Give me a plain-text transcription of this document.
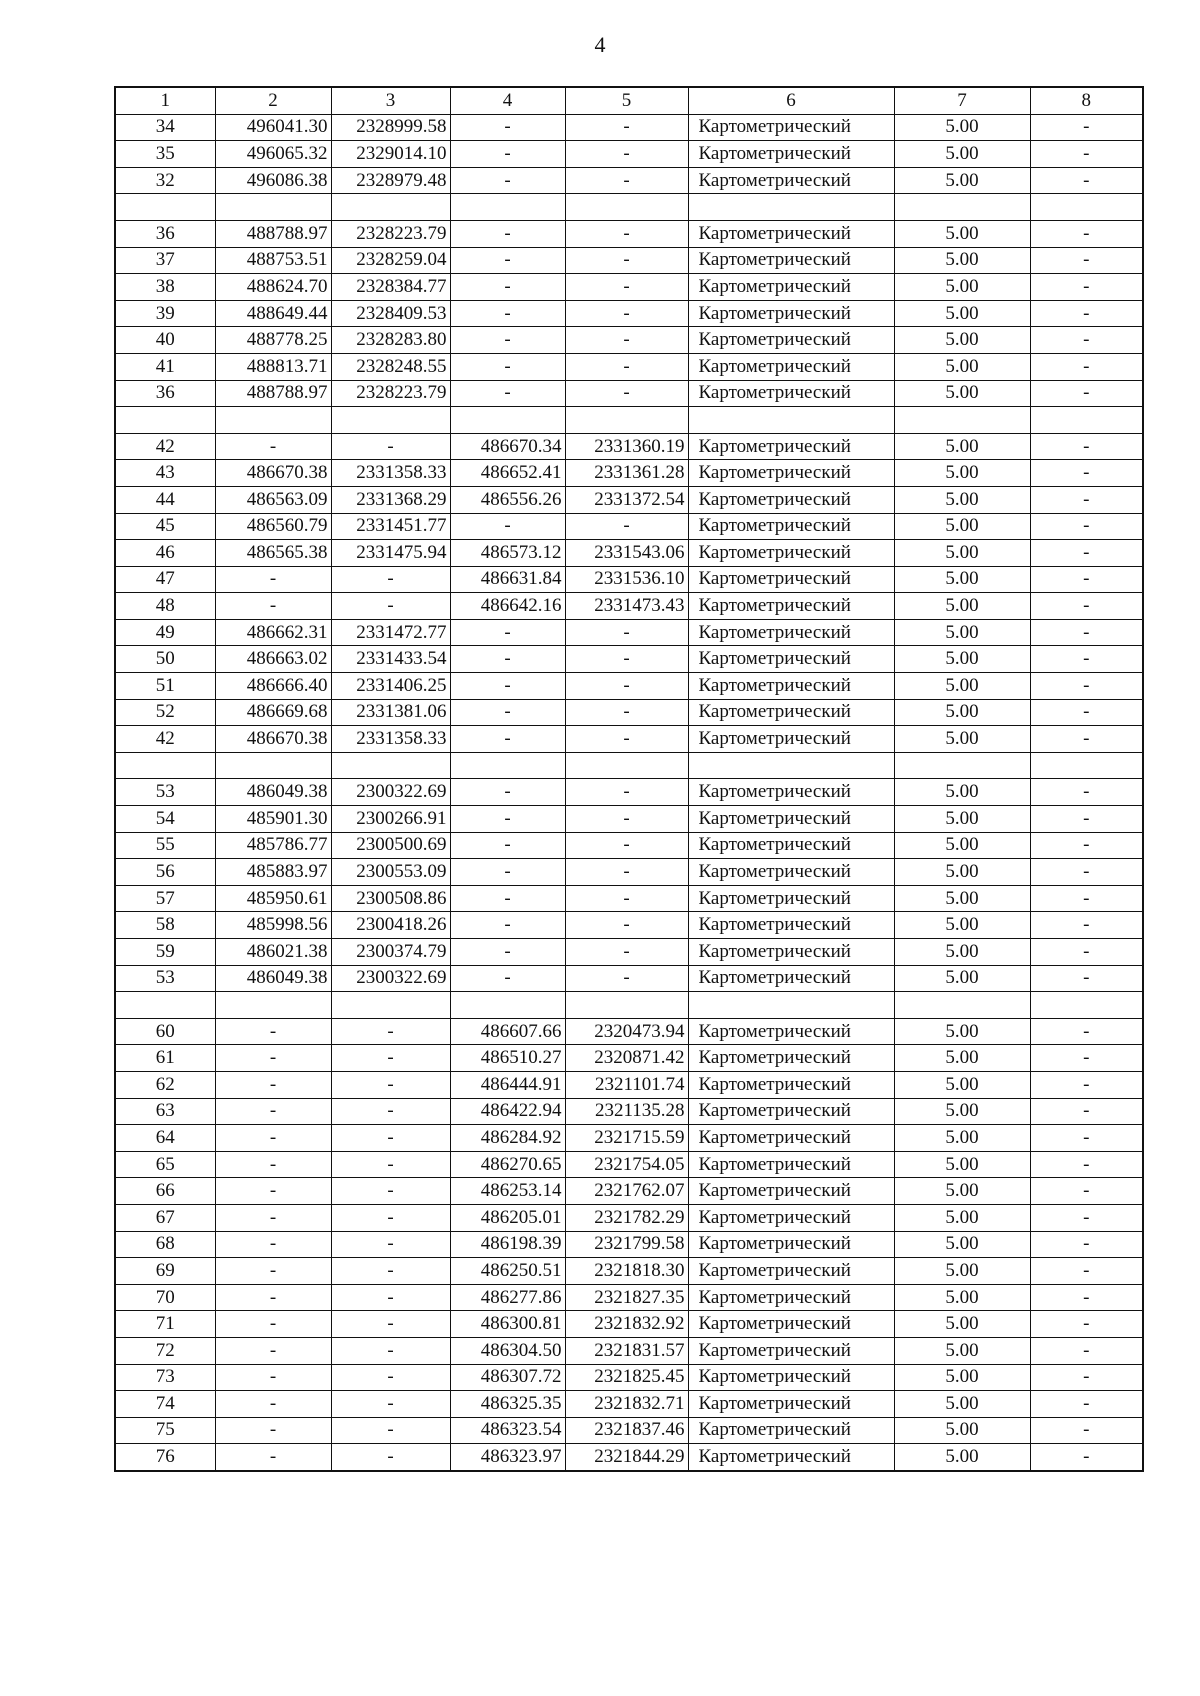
4
1	2	3	4	5	6	7	8
34	496041.30	2328999.58	-	-	Картометрический	5.00	-
35	496065.32	2329014.10	-	-	Картометрический	5.00	-
32	496086.38	2328979.48	-	-	Картометрический	5.00	-

36	488788.97	2328223.79	-	-	Картометрический	5.00	-
37	488753.51	2328259.04	-	-	Картометрический	5.00	-
38	488624.70	2328384.77	-	-	Картометрический	5.00	-
39	488649.44	2328409.53	-	-	Картометрический	5.00	-
40	488778.25	2328283.80	-	-	Картометрический	5.00	-
41	488813.71	2328248.55	-	-	Картометрический	5.00	-
36	488788.97	2328223.79	-	-	Картометрический	5.00	-

42	-	-	486670.34	2331360.19	Картометрический	5.00	-
43	486670.38	2331358.33	486652.41	2331361.28	Картометрический	5.00	-
44	486563.09	2331368.29	486556.26	2331372.54	Картометрический	5.00	-
45	486560.79	2331451.77	-	-	Картометрический	5.00	-
46	486565.38	2331475.94	486573.12	2331543.06	Картометрический	5.00	-
47	-	-	486631.84	2331536.10	Картометрический	5.00	-
48	-	-	486642.16	2331473.43	Картометрический	5.00	-
49	486662.31	2331472.77	-	-	Картометрический	5.00	-
50	486663.02	2331433.54	-	-	Картометрический	5.00	-
51	486666.40	2331406.25	-	-	Картометрический	5.00	-
52	486669.68	2331381.06	-	-	Картометрический	5.00	-
42	486670.38	2331358.33	-	-	Картометрический	5.00	-

53	486049.38	2300322.69	-	-	Картометрический	5.00	-
54	485901.30	2300266.91	-	-	Картометрический	5.00	-
55	485786.77	2300500.69	-	-	Картометрический	5.00	-
56	485883.97	2300553.09	-	-	Картометрический	5.00	-
57	485950.61	2300508.86	-	-	Картометрический	5.00	-
58	485998.56	2300418.26	-	-	Картометрический	5.00	-
59	486021.38	2300374.79	-	-	Картометрический	5.00	-
53	486049.38	2300322.69	-	-	Картометрический	5.00	-

60	-	-	486607.66	2320473.94	Картометрический	5.00	-
61	-	-	486510.27	2320871.42	Картометрический	5.00	-
62	-	-	486444.91	2321101.74	Картометрический	5.00	-
63	-	-	486422.94	2321135.28	Картометрический	5.00	-
64	-	-	486284.92	2321715.59	Картометрический	5.00	-
65	-	-	486270.65	2321754.05	Картометрический	5.00	-
66	-	-	486253.14	2321762.07	Картометрический	5.00	-
67	-	-	486205.01	2321782.29	Картометрический	5.00	-
68	-	-	486198.39	2321799.58	Картометрический	5.00	-
69	-	-	486250.51	2321818.30	Картометрический	5.00	-
70	-	-	486277.86	2321827.35	Картометрический	5.00	-
71	-	-	486300.81	2321832.92	Картометрический	5.00	-
72	-	-	486304.50	2321831.57	Картометрический	5.00	-
73	-	-	486307.72	2321825.45	Картометрический	5.00	-
74	-	-	486325.35	2321832.71	Картометрический	5.00	-
75	-	-	486323.54	2321837.46	Картометрический	5.00	-
76	-	-	486323.97	2321844.29	Картометрический	5.00	-
